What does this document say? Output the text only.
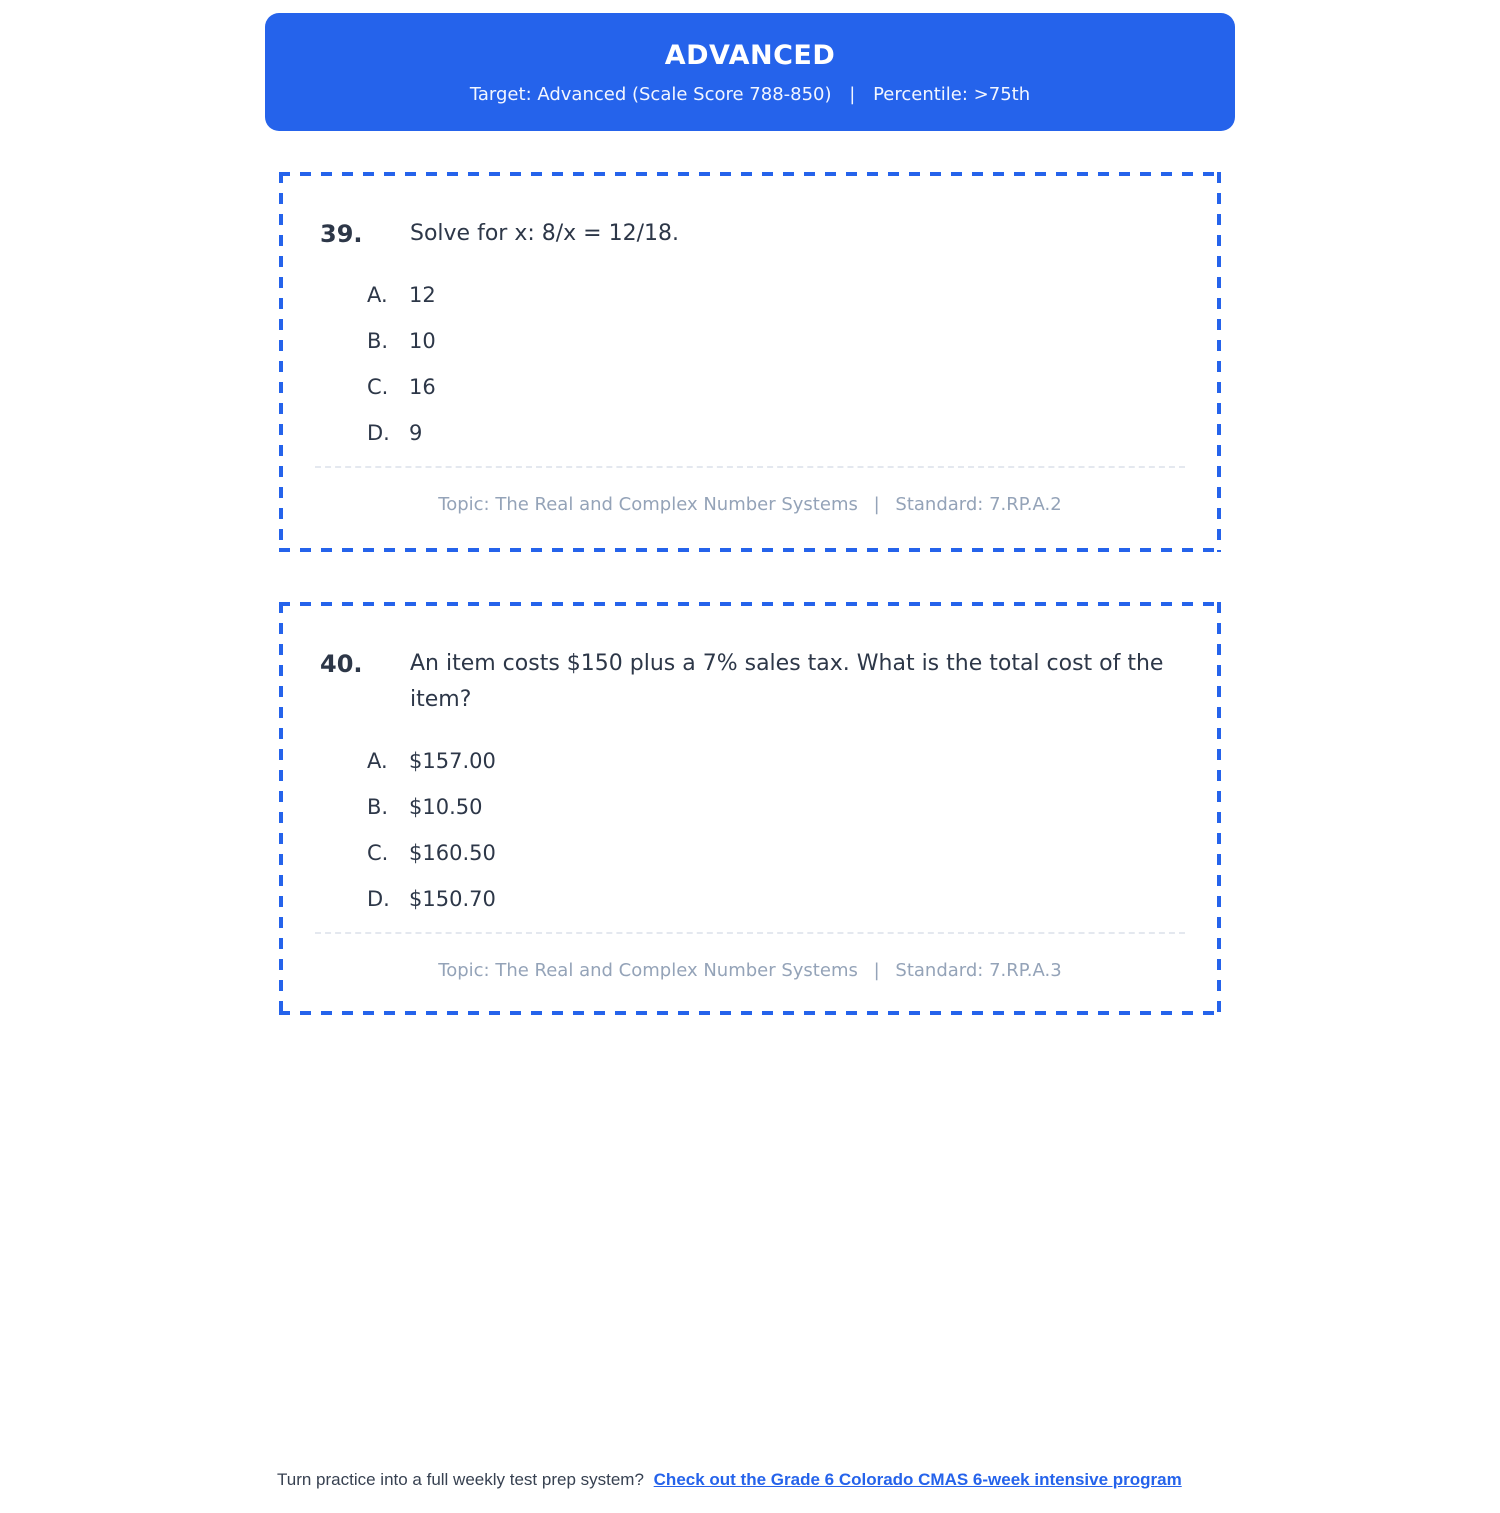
ADVANCED
Target: Advanced (Scale Score 788-850) | Percentile: >75th
39.	Solve for x: 8/x = 12/18.
A.	12
B. 10
C. 16
D. 9
Topic: The Real and Complex Number Systems | Standard: 7.RP.A.2
40.	An item costs $150 plus a 7% sales tax. What is the total cost of the item?
A.	$157.00
B. $10.50
C. $160.50
D. $150.70
Topic: The Real and Complex Number Systems | Standard: 7.RP.A.3
Turn practice into a full weekly test prep system? Check out the Grade 6 Colorado CMAS 6-week intensive program
